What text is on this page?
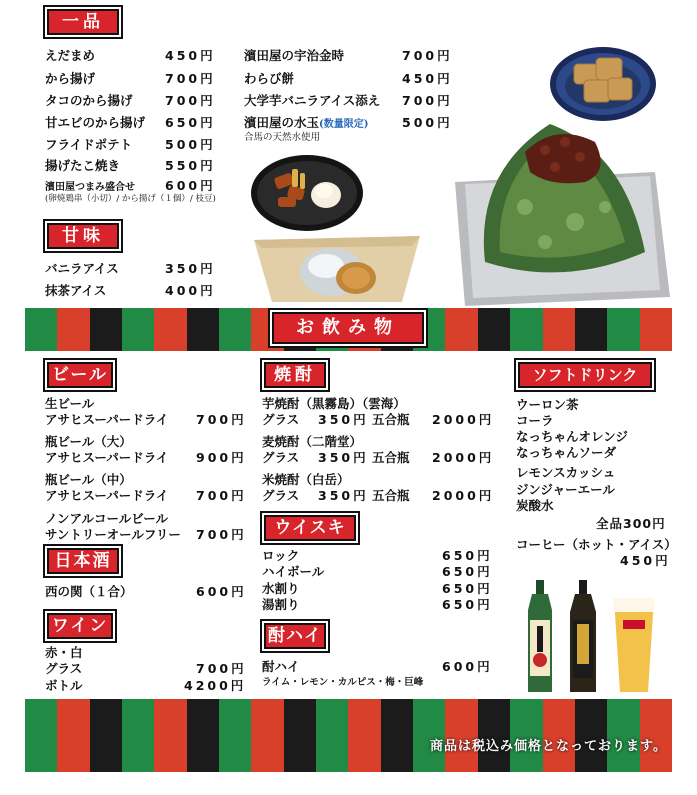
一品
えだまめ	450円
から揚げ	700円
タコのから揚げ	700円
甘エビのから揚げ 650円
フライドポテト	500円
揚げたこ焼き	550円
濱田屋つまみ盛合せ 600円
(卵焼鶏串（小切）/ から揚げ（１個）/ 枝豆)
甘味
バニラアイス	350円
抹茶アイス	400円
濱田屋の宇治金時	700円
わらび餅	450円
大学芋バニラアイス添え 700円
濱田屋の水玉(数量限定)	500円
合馬の天然水使用
お飲み物
ビール
生ビール
アサヒスーパードライ 700円
瓶ビール（大）
アサヒスーパードライ 900円
瓶ビール（中）
アサヒスーパードライ 700円
ノンアルコールビール
サントリーオールフリー 700円
日本酒
西の関（１合）	600円
ワイン
赤・白
グラス	700円
ボトル	4200円
焼酎
芋焼酎（黒霧島）（雲海）
グラス 350円 五合瓶 2000円
麦焼酎（二階堂）
グラス 350円 五合瓶 2000円
米焼酎（白岳）
グラス 350円 五合瓶 2000円
ウイスキー
ロック	650円
ハイボール	650円
水割り	650円
湯割り	650円
酎ハイ
酎ハイ	600円
ライム・レモン・カルピス・梅・巨峰
ソフトドリンク
ウーロン茶
コーラ
なっちゃんオレンジ
なっちゃんソーダ
レモンスカッシュ
ジンジャーエール
炭酸水
全品300円
コーヒー（ホット・アイス）
450円
商品は税込み価格となっております。
